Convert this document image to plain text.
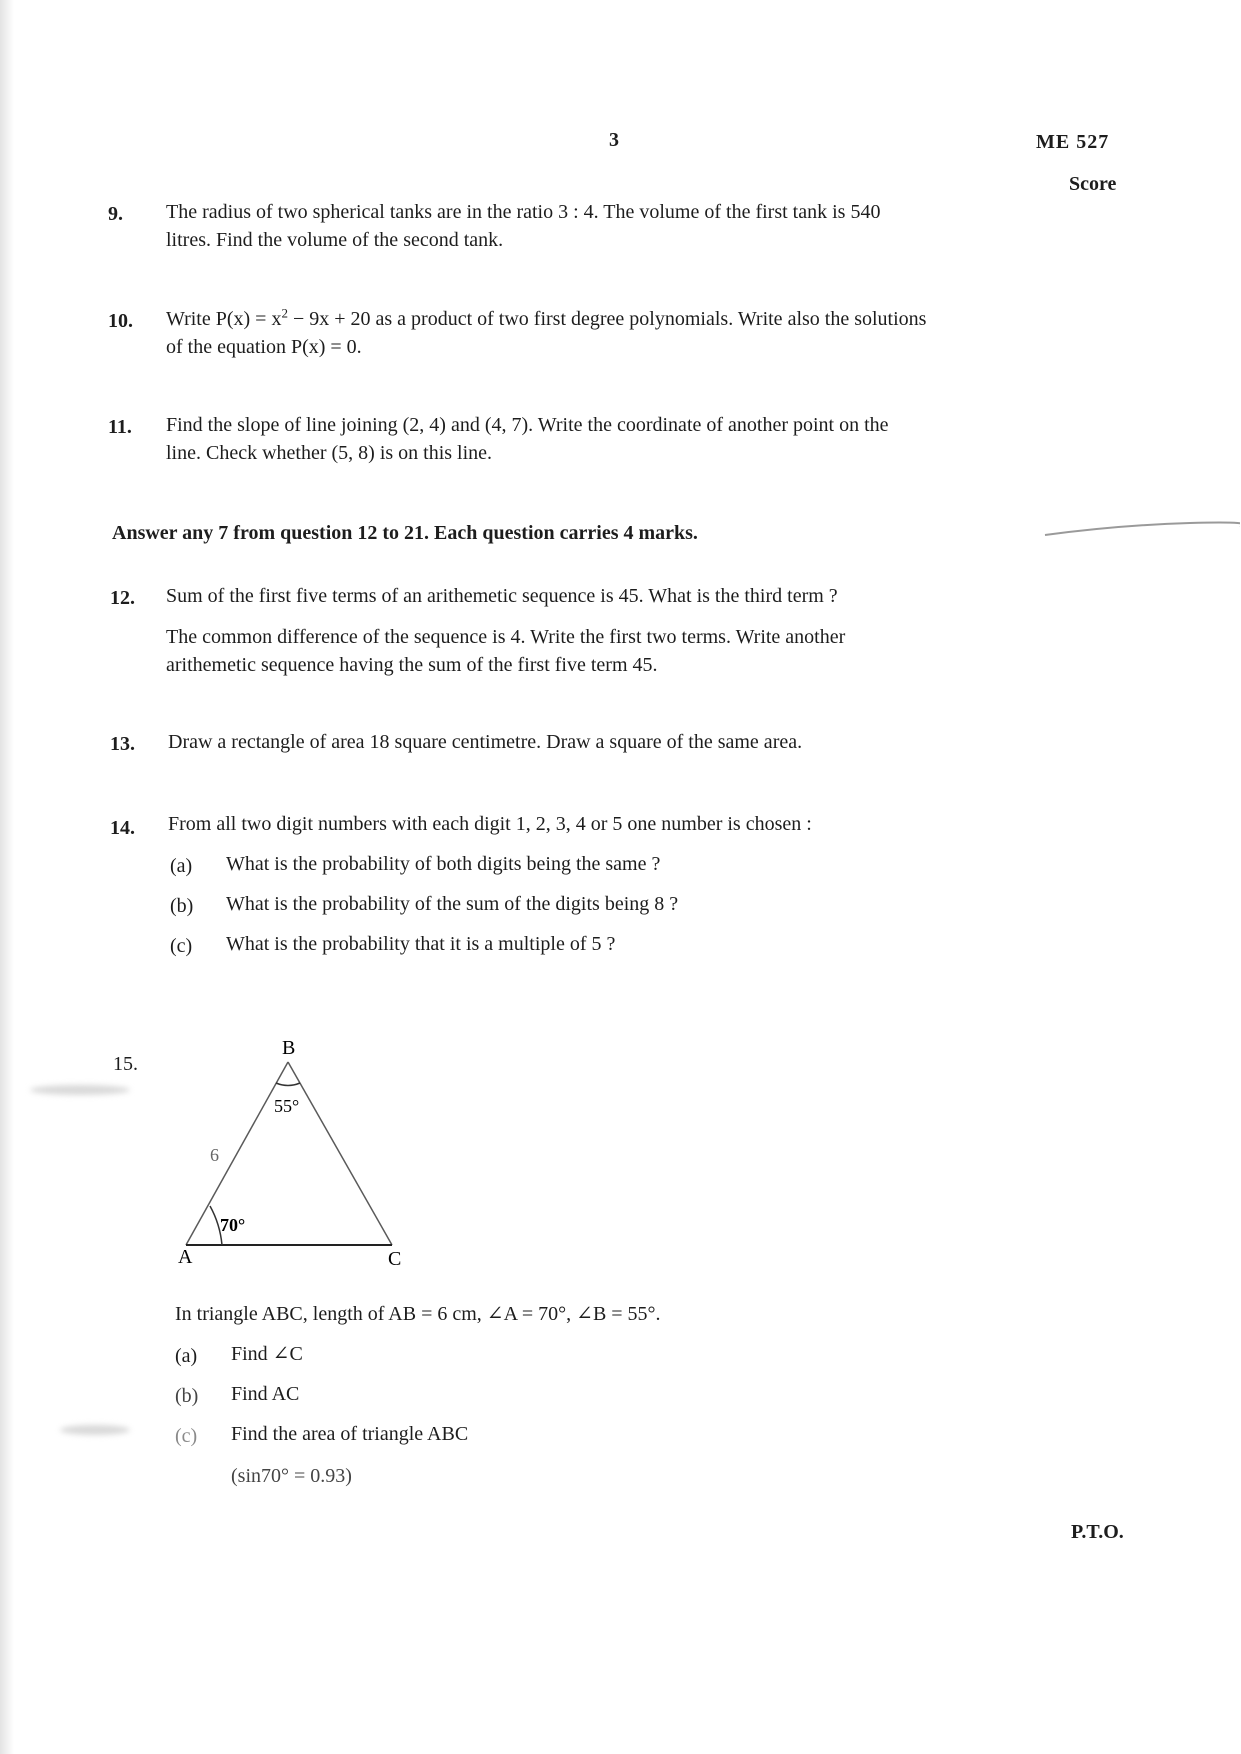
3	ME 527
Score
9. The radius of two spherical tanks are in the ratio 3 : 4. The volume of the first tank is 540
litres. Find the volume of the second tank.
10. Write $P(x) = x^2 - 9x + 20$ as a product of two first degree polynomials. Write also the solutions
of the equation P(x) = 0.
11. Find the slope of line joining (2, 4) and (4, 7). Write the coordinate of another point on the
line. Check whether (5, 8) is on this line.
Answer any 7 from question 12 to 21. Each question carries 4 marks.
12. Sum of the first five terms of an arithemetic sequence is 45. What is the third term ?
The common difference of the sequence is 4. Write the first two terms. Write another
arithemetic sequence having the sum of the first five term 45.
13. Draw a rectangle of area 18 square centimetre. Draw a square of the same area.
14. From all two digit numbers with each digit 1, 2, 3, 4 or 5 one number is chosen :
(a) What is the probability of both digits being the same ?
(b) What is the probability of the sum of the digits being 8 ?
(c) What is the probability that it is a multiple of 5 ?
15.
B
55°
6
70°
A	C
In triangle ABC, length of AB = 6 cm, ∠A = 70°, ∠B = 55°.
(a) Find ∠C
(b) Find AC
(c) Find the area of triangle ABC
(sin70° = 0.93)
P.T.O.
